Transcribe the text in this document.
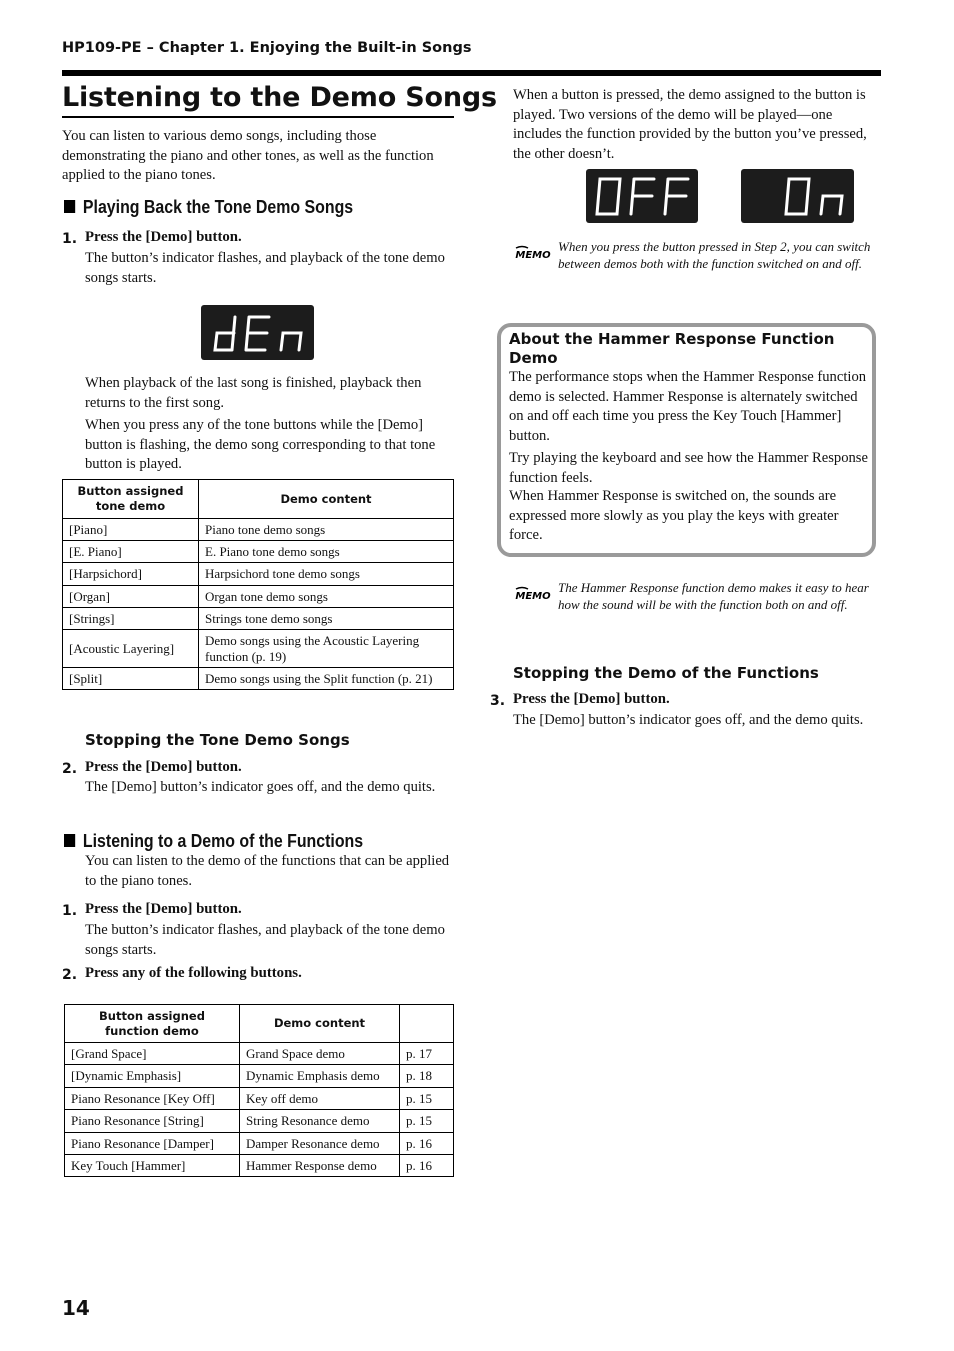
HP109-PE – Chapter 1. Enjoying the Built-in Songs
Listening to the Demo Songs
You can listen to various demo songs, including those demonstrating the piano and other tones, as well as the function applied to the piano tones.
Playing Back the Tone Demo Songs
1. Press the [Demo] button.
The button’s indicator flashes, and playback of the tone demo songs starts.
When playback of the last song is finished, playback then returns to the first song.
When you press any of the tone buttons while the [Demo] button is flashing, the demo song corresponding to that tone button is played.
Button assigned tone demo	Demo content
[Piano]	Piano tone demo songs
[E. Piano]	E. Piano tone demo songs
[Harpsichord]	Harpsichord tone demo songs
[Organ]	Organ tone demo songs
[Strings]	Strings tone demo songs
[Acoustic Layering]	Demo songs using the Acoustic Layering function (p. 19)
[Split]	Demo songs using the Split function (p. 21)
Stopping the Tone Demo Songs
2. Press the [Demo] button.
The [Demo] button’s indicator goes off, and the demo quits.
Listening to a Demo of the Functions
You can listen to the demo of the functions that can be applied to the piano tones.
1. Press the [Demo] button.
The button’s indicator flashes, and playback of the tone demo songs starts.
2. Press any of the following buttons.
Button assigned function demo	Demo content	
[Grand Space]	Grand Space demo	p. 17
[Dynamic Emphasis]	Dynamic Emphasis demo	p. 18
Piano Resonance [Key Off]	Key off demo	p. 15
Piano Resonance [String]	String Resonance demo	p. 15
Piano Resonance [Damper]	Damper Resonance demo	p. 16
Key Touch [Hammer]	Hammer Response demo	p. 16
When a button is pressed, the demo assigned to the button is played. Two versions of the demo will be played—one includes the function provided by the button you’ve pressed, the other doesn’t.
MEMO
When you press the button pressed in Step 2, you can switch between demos both with the function switched on and off.
About the Hammer Response Function Demo
The performance stops when the Hammer Response function demo is selected. Hammer Response is alternately switched on and off each time you press the Key Touch [Hammer] button.
Try playing the keyboard and see how the Hammer Response function feels.
When Hammer Response is switched on, the sounds are expressed more slowly as you play the keys with greater force.
MEMO
The Hammer Response function demo makes it easy to hear how the sound will be with the function both on and off.
Stopping the Demo of the Functions
3. Press the [Demo] button.
The [Demo] button’s indicator goes off, and the demo quits.
14
